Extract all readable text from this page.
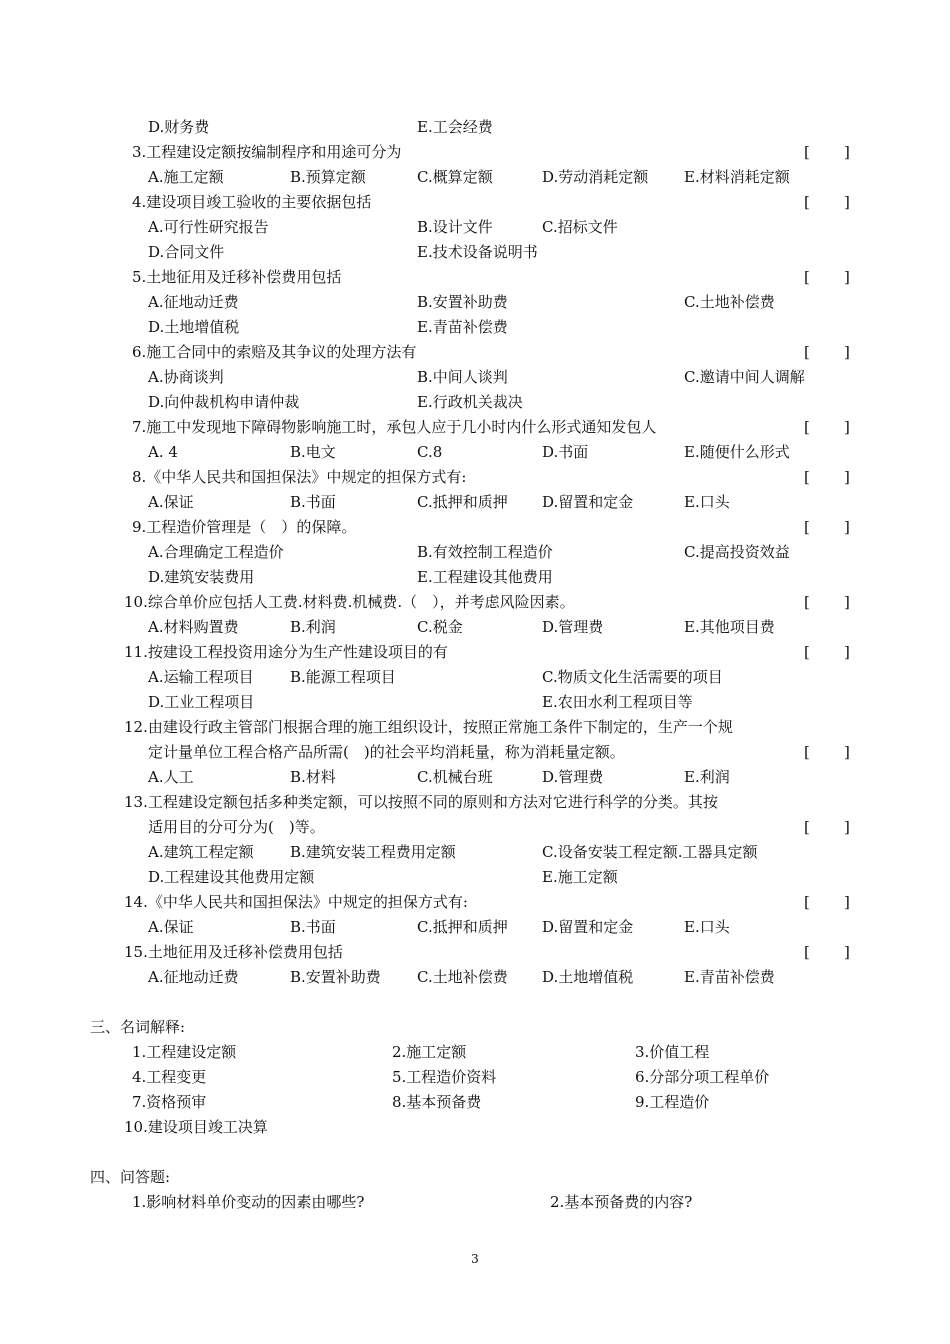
D.财务费	E.工会经费
3.工程建设定额按编制程序和用途可分为	[ ]
A.施工定额	B.预算定额	C.概算定额	D.劳动消耗定额 E.材料消耗定额
4.建设项目竣工验收的主要依据包括	[ ]
A.可行性研究报告	B.设计文件	C.招标文件
D.合同文件	E.技术设备说明书
5.土地征用及迁移补偿费用包括	[ ]
A.征地动迁费	B.安置补助费	C.土地补偿费
D.土地增值税	E.青苗补偿费
6.施工合同中的索赔及其争议的处理方法有	[ ]
A.协商谈判	B.中间人谈判	C.邀请中间人调解
D.向仲裁机构申请仲裁	E.行政机关裁决
7.施工中发现地下障碍物影响施工时，承包人应于几小时内什么形式通知发包人	[ ]
A. 4	B.电文	C.8	D.书面	E.随便什么形式
8.《中华人民共和国担保法》中规定的担保方式有:	[ ]
A.保证	B.书面	C.抵押和质押 D.留置和定金	E.口头
9.工程造价管理是（　）的保障。	[ ]
A.合理确定工程造价	B.有效控制工程造价	C.提高投资效益
D.建筑安装费用	E.工程建设其他费用
10.综合单价应包括人工费.材料费.机械费.（　），并考虑风险因素。	[ ]
A.材料购置费	B.利润	C.税金	D.管理费	E.其他项目费
11.按建设工程投资用途分为生产性建设项目的有	[ ]
A.运输工程项目 B.能源工程项目	C.物质文化生活需要的项目
D.工业工程项目	E.农田水利工程项目等
12.由建设行政主管部门根据合理的施工组织设计，按照正常施工条件下制定的，生产一个规
定计量单位工程合格产品所需(　)的社会平均消耗量，称为消耗量定额。	[ ]
A.人工	B.材料	C.机械台班	D.管理费	E.利润
13.工程建设定额包括多种类定额，可以按照不同的原则和方法对它进行科学的分类。其按
适用目的分可分为(　)等。	[ ]
A.建筑工程定额 B.建筑安装工程费用定额	C.设备安装工程定额.工器具定额
D.工程建设其他费用定额	E.施工定额
14.《中华人民共和国担保法》中规定的担保方式有:	[ ]
A.保证	B.书面	C.抵押和质押 D.留置和定金	E.口头
15.土地征用及迁移补偿费用包括	[ ]
A.征地动迁费	B.安置补助费 C.土地补偿费 D.土地增值税	E.青苗补偿费
三、名词解释:
1.工程建设定额	2.施工定额	3.价值工程
4.工程变更	5.工程造价资料	6.分部分项工程单价
7.资格预审	8.基本预备费	9.工程造价
10.建设项目竣工决算
四、问答题:
1.影响材料单价变动的因素由哪些?	2.基本预备费的内容?
3
